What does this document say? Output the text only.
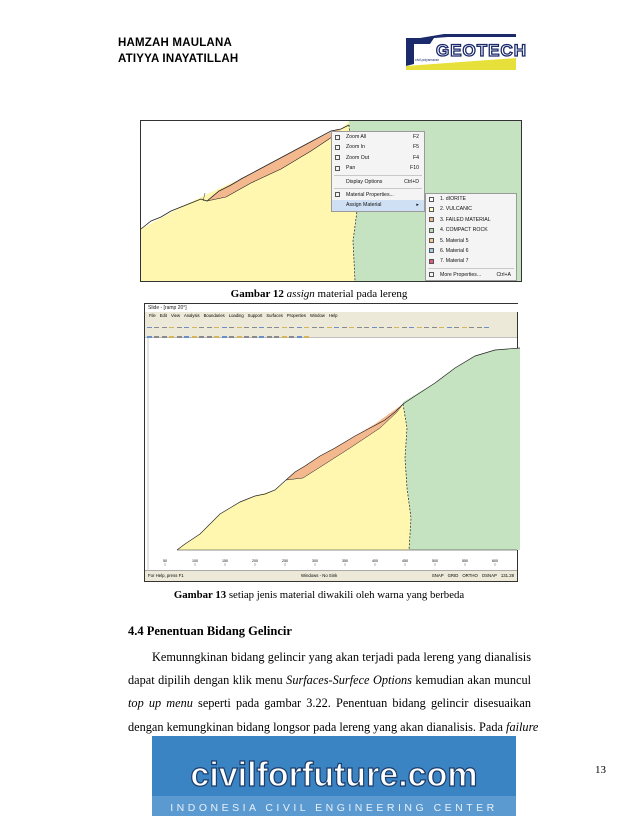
HAMZAH MAULANA
ATIYYA INAYATILLAH	GEOTECH
civil.polysmaran
Zoom All	F2
Zoom In	F5
Zoom Out	F4
Pan	F10
Display Options	Ctrl+D
Material Properties...
Assign Material	▸
1. dIORITE
2. VULCANIC
3. FAILED MATERIAL
4. COMPACT ROCK
5. Material 5
6. Material 6
7. Material 7
More Properties...	Ctrl+A
Gambar 12 assign material pada lereng
Slide - [ramp 20°]
File Edit View Analysis Boundaries Loading Support Surfaces Properties Window Help
50	100	150	200	250	300	350	400	450	500	550	600
For Help, press F1	Windows - No Sink	SNAP GRID ORTHO OSNAP 131.28
Gambar 13 setiap jenis material diwakili oleh warna yang berbeda
4.4 Penentuan Bidang Gelincir
Kemunngkinan bidang gelincir yang akan terjadi pada lereng yang dianalisis
dapat dipilih dengan klik menu Surfaces-Surfece Options kemudian akan muncul
top up menu seperti pada gambar 3.22. Penentuan bidang gelincir disesuaikan
dengan kemungkinan bidang longsor pada lereng yang akan dianalisis. Pada failure
civilforfuture.com
INDONESIA CIVIL ENGINEERING CENTER
13
